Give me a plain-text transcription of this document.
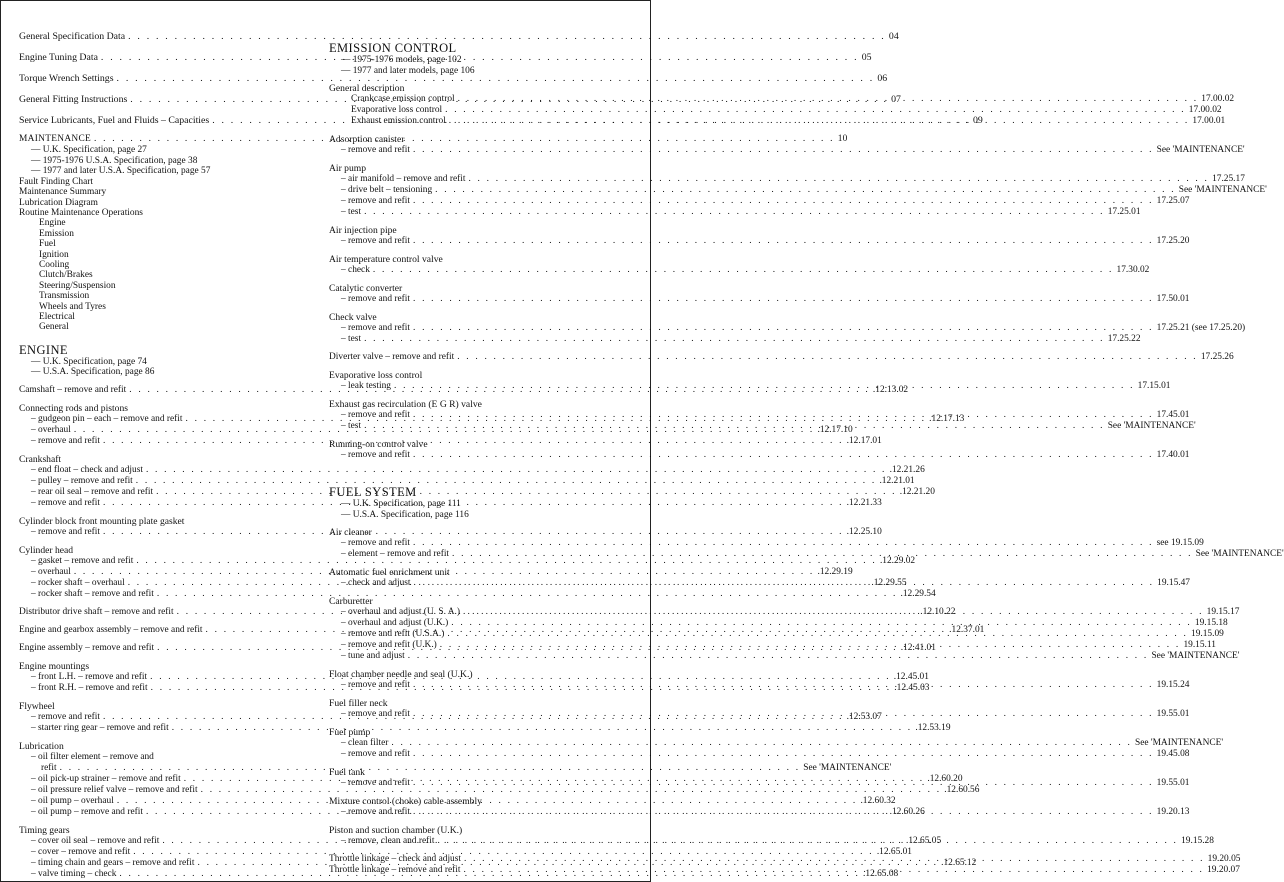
General Specification Data . . .	04
Engine Tuning Data . . .	05
Torque Wrench Settings . . .	06
General Fitting Instructions . . .	07
Service Lubricants, Fuel and Fluids – Capacities . . .	09
MAINTENANCE . . .	10
— U.K. Specification, page 27
— 1975-1976 U.S.A. Specification, page 38
— 1977 and later U.S.A. Specification, page 57
Fault Finding Chart
Maintenance Summary
Lubrication Diagram
Routine Maintenance Operations
Engine
Emission
Fuel
Ignition
Cooling
Clutch/Brakes
Steering/Suspension
Transmission
Wheels and Tyres
Electrical
General
ENGINE
— U.K. Specification, page 74
— U.S.A. Specification, page 86
Camshaft – remove and refit . . .	.12.13.02
Connecting rods and pistons
– gudgeon pin – each – remove and refit . . .	.12.17.13
– overhaul . . .	.12.17.10
– remove and refit . . .	.12.17.01
Crankshaft
– end float – check and adjust . . .	.12.21.26
– pulley – remove and refit . . .	.12.21.01
– rear oil seal – remove and refit . . .	.12.21.20
– remove and refit . . .	.12.21.33
Cylinder block front mounting plate gasket
– remove and refit . . .	.12.25.10
Cylinder head
– gasket – remove and refit . . .	.12.29.02
– overhaul . . .	.12.29.19
– rocker shaft – overhaul . . .	.12.29.55
– rocker shaft – remove and refit . . .	.12.29.54
Distributor drive shaft – remove and refit . . .	.12.10.22
Engine and gearbox assembly – remove and refit . . .	.12.37.01
Engine assembly – remove and refit . . .	.12.41.01
Engine mountings
– front L.H. – remove and refit . . .	.12.45.01
– front R.H. – remove and refit . . .	.12.45.03
Flywheel
– remove and refit . . .	.12.53.07
– starter ring gear – remove and refit . . .	.12.53.19
Lubrication
– oil filter element – remove and
refit . . .	See 'MAINTENANCE'
– oil pick-up strainer – remove and refit . . .	.12.60.20
– oil pressure relief valve – remove and refit . . .	.12.60.56
– oil pump – overhaul . . .	.12.60.32
– oil pump – remove and refit . . .	.12.60.26
Timing gears
– cover oil seal – remove and refit . . .	.12.65.05
– cover – remove and refit . . .	.12.65.01
– timing chain and gears – remove and refit . . .	.12.65.12
– valve timing – check . . .	.12.65.08
EMISSION CONTROL
— 1975-1976 models, page 102
— 1977 and later models, page 106
General description
Crankcase emission control . . .	17.00.02
Evaporative loss control . . .	17.00.02
Exhaust emission control . . .	17.00.01
Adsorption canister
– remove and refit . . .	See 'MAINTENANCE'
Air pump
– air manifold – remove and refit . . .	17.25.17
– drive belt – tensioning . . .	See 'MAINTENANCE'
– remove and refit . . .	17.25.07
– test . . .	17.25.01
Air injection pipe
– remove and refit . . .	17.25.20
Air temperature control valve
– check . . .	17.30.02
Catalytic converter
– remove and refit . . .	17.50.01
Check valve
– remove and refit . . .	17.25.21 (see 17.25.20)
– test . . .	17.25.22
Diverter valve – remove and refit . . .	17.25.26
Evaporative loss control
– leak testing . . .	17.15.01
Exhaust gas recirculation (E G R) valve
– remove and refit . . .	17.45.01
– test . . .	See 'MAINTENANCE'
Running-on control valve
– remove and refit . . .	17.40.01
FUEL SYSTEM
— U.K. Specification, page 111
— U.S.A. Specification, page 116
Air cleaner
– remove and refit . . .	see 19.15.09
– element – remove and refit . . .	See 'MAINTENANCE'
Automatic fuel enrichment unit
– check and adjust . . .	19.15.47
Carburetter
– overhaul and adjust (U. S. A.) . . .	19.15.17
– overhaul and adjust (U.K.) . . .	19.15.18
– remove and refit (U.S.A.) . . .	19.15.09
– remove and refit (U.K.) . . .	19.15.11
– tune and adjust . . .	See 'MAINTENANCE'
Float chamber needle and seal (U.K.)
– remove and refit . . .	19.15.24
Fuel filler neck
– remove and refit . . .	19.55.01
Fuel pump
– clean filter . . .	See 'MAINTENANCE'
– remove and refit . . .	19.45.08
Fuel tank
– remove and refit . . .	19.55.01
Mixture control (choke) cable assembly
– remove and refit . . .	19.20.13
Piston and suction chamber (U.K.)
– remove, clean and refit . . .	19.15.28
Throttle linkage – check and adjust . . .	19.20.05
Throttle linkage – remove and refit . . .	19.20.07
